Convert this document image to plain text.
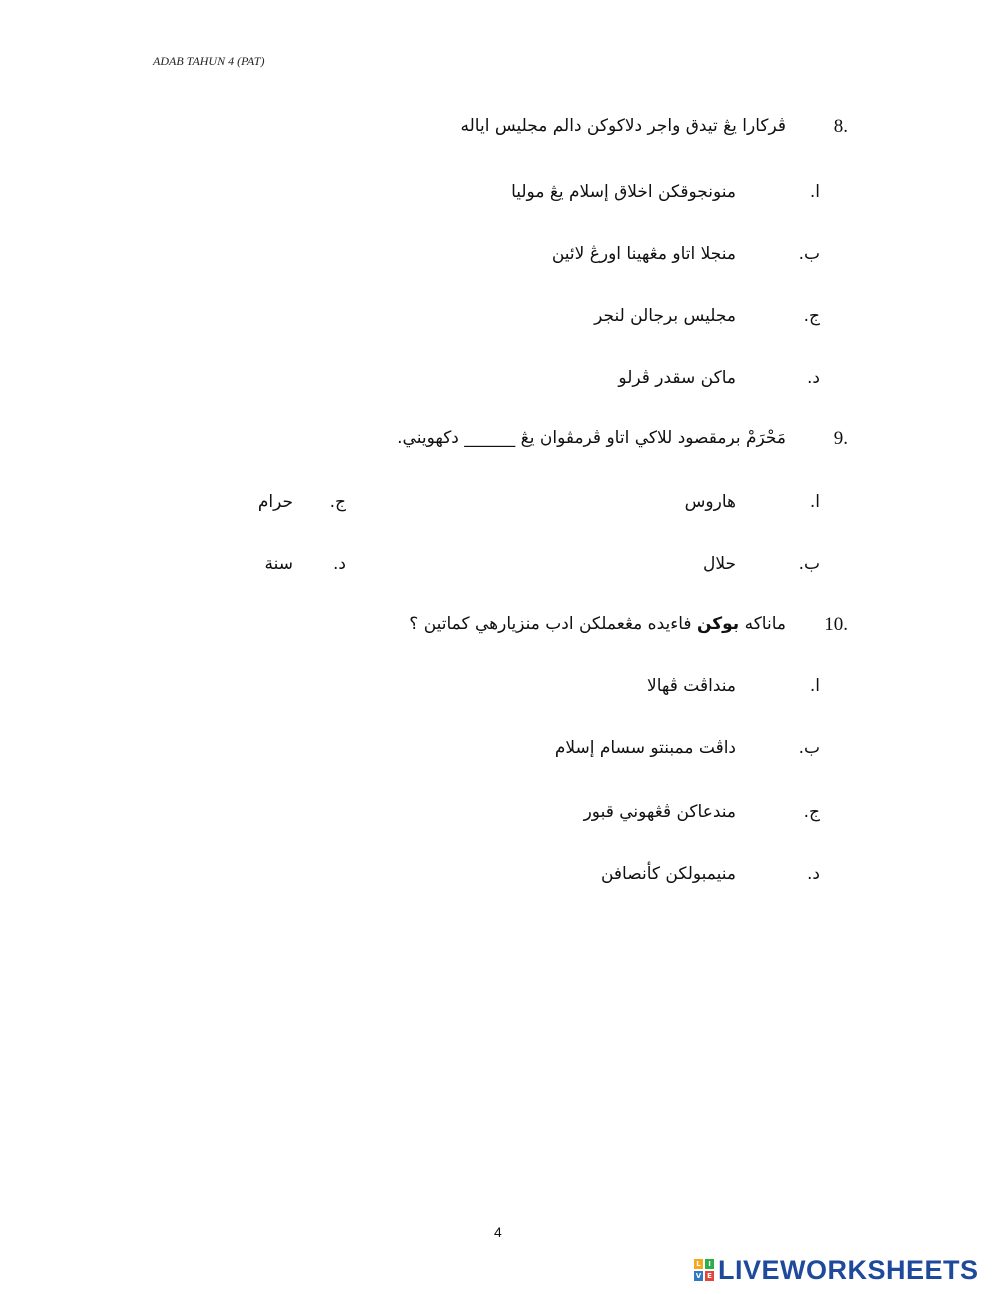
ADAB TAHUN 4 (PAT)
8.
ڤركارا يڠ تيدق واجر دلاكوكن دالم مجليس اياله
ا.
منونجوقكن اخلاق إسلام يڠ موليا
ب.
منجلا اتاو مڠهينا اورڠ لائين
ج.
مجليس برجالن لنجر
د.
ماكن سقدر ڤرلو
9.
مَحْرَمْ برمقصود للاكي اتاو ڤرمڤوان يڠ ______ دكهويني.
ا.
هاروس
ب.
حلال
ج.
حرام
د.
سنة
10.
ماناكه بوكن فاءيده مڠعملكن ادب منزيارهي كماتين ؟
ا.
منداڤت ڤهالا
ب.
داڤت ممبنتو سسام إسلام
ج.
مندعاكن ڤڠهوني قبور
د.
منيمبولكن كأنصافن
4
L	I
V E LIVEWORKSHEETS
